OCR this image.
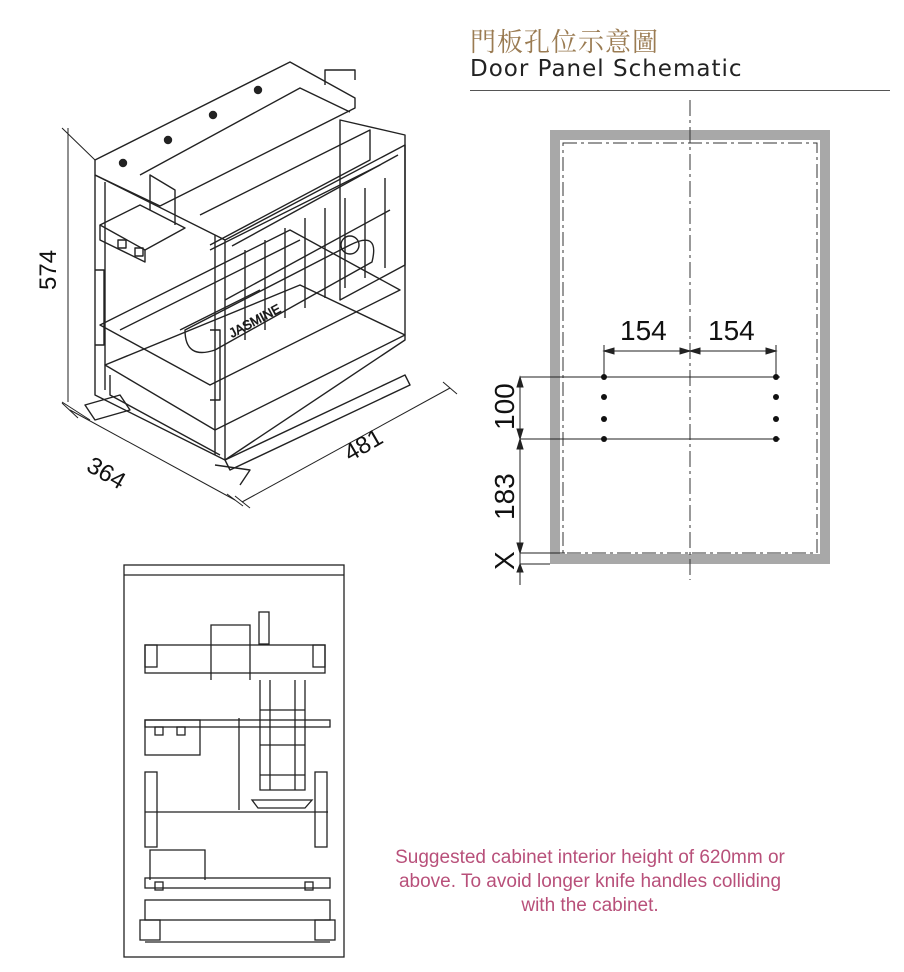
門板孔位示意圖
Door Panel Schematic
574
364
481
JASMINE	154 154
100
183
X
Suggested cabinet interior height of 620mm or
above. To avoid longer knife handles colliding
with the cabinet.
